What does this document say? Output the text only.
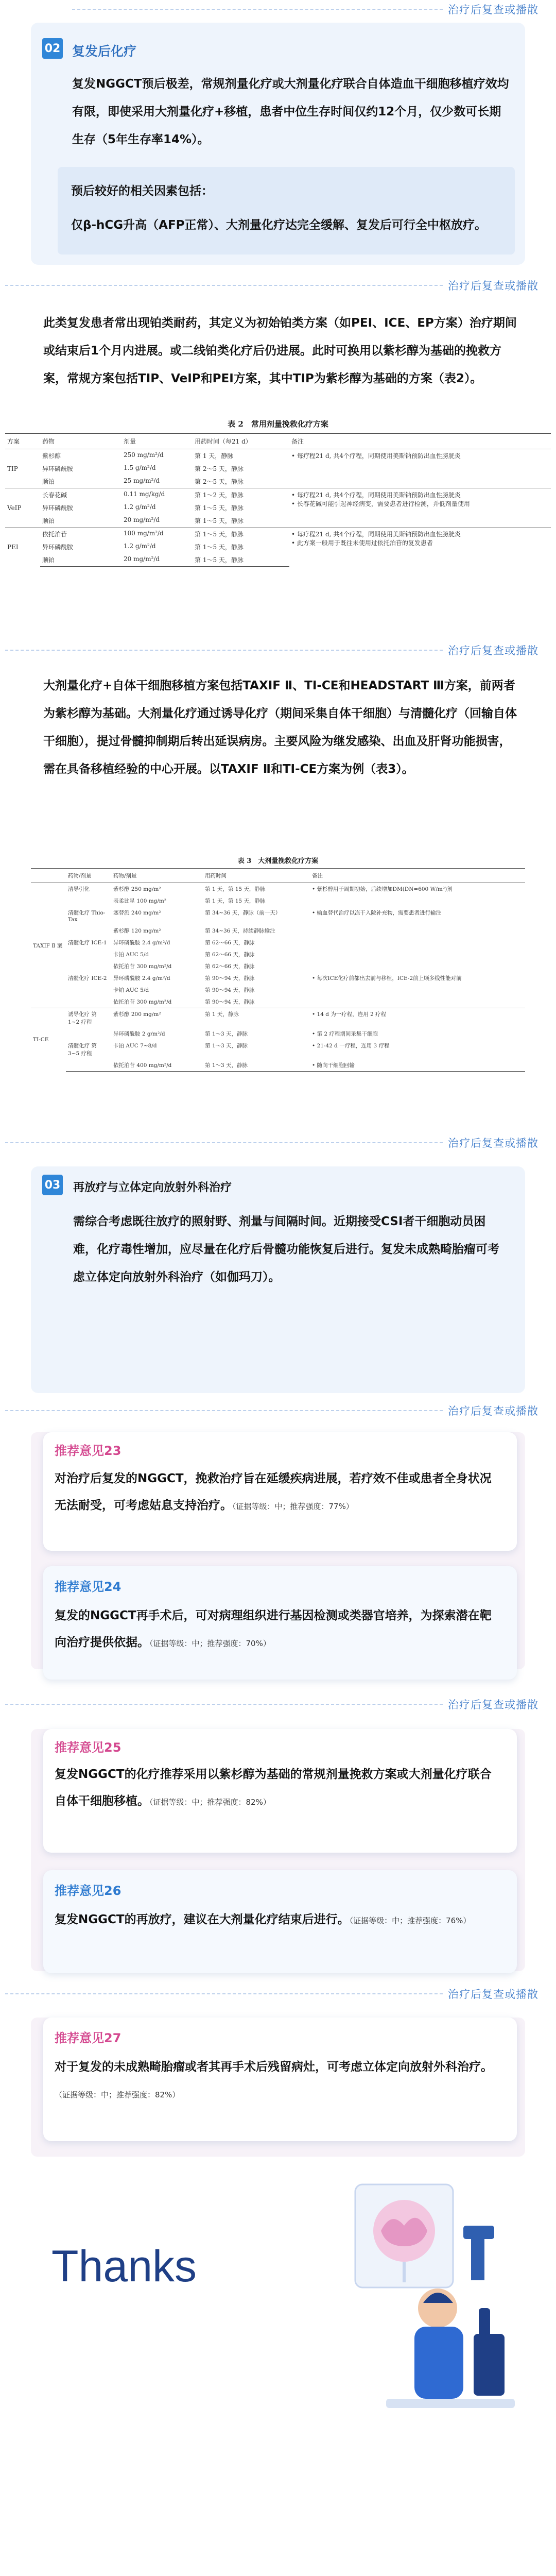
治疗后复查或播散
02 复发后化疗
复发NGGCT预后极差，常规剂量化疗或大剂量化疗联合自体造血干细胞移植疗效均有限，即使采用大剂量化疗+移植，患者中位生存时间仅约12个月，仅少数可长期生存（5年生存率14%）。
预后较好的相关因素包括：
仅β-hCG升高（AFP正常）、大剂量化疗达完全缓解、复发后可行全中枢放疗。
治疗后复查或播散
此类复发患者常出现铂类耐药，其定义为初始铂类方案（如PEI、ICE、EP方案）治疗期间或结束后1个月内进展。或二线铂类化疗后仍进展。此时可换用以紫杉醇为基础的挽救方案，常规方案包括TIP、VeIP和PEI方案，其中TIP为紫杉醇为基础的方案（表2）。
表 2　常用剂量挽救化疗方案
方案	药物	剂量	用药时间（每21 d）	备注
TIP	紫杉醇	250 mg/m²/d	第 1 天，静脉	• 每疗程21 d, 共4个疗程，同期使用美斯钠预防出血性膀胱炎
	异环磷酰胺	1.5 g/m²/d	第 2～5 天，静脉	
	顺铂	25 mg/m²/d	第 2～5 天，静脉	
VeIP	长春花碱	0.11 mg/kg/d	第 1～2 天，静脉	• 每疗程21 d, 共4个疗程，同期使用美斯钠预防出血性膀胱炎
• 长春花碱可能引起神经病变，需要患者进行检测，并低剂量使用
	异环磷酰胺	1.2 g/m²/d	第 1～5 天，静脉	
	顺铂	20 mg/m²/d	第 1～5 天，静脉	
PEI	依托泊苷	100 mg/m²/d	第 1～5 天，静脉	• 每疗程21 d, 共4个疗程，同期使用美斯钠预防出血性膀胱炎
• 此方案一般用于既往未使用过依托泊苷的复发患者
	异环磷酰胺	1.2 g/m²/d	第 1～5 天，静脉	
	顺铂	20 mg/m²/d	第 1～5 天，静脉	
治疗后复查或播散
大剂量化疗+自体干细胞移植方案包括TAXIF Ⅱ、TI-CE和HEADSTART Ⅲ方案，前两者为紫杉醇为基础。大剂量化疗通过诱导化疗（期间采集自体干细胞）与清髓化疗（回输自体干细胞），提过骨髓抑制期后转出延误病房。主要风险为继发感染、出血及肝肾功能损害，需在具备移植经验的中心开展。以TAXIF Ⅱ和TI-CE方案为例（表3）。
表 3　大剂量挽救化疗方案
	药物/剂量	药物/剂量	用药时间	备注
TAXIF Ⅱ 案	清导引化	紫杉醇 250 mg/m²	第 1 天，第 15 天，静脉	• 紫杉醇用于周期初始，后续增加DM(DN=600 W/m²)剂
		表柔比星 100 mg/m²	第 1 天，第 15 天，静脉	
	清髓化疗 Thio-Tax	塞替派 240 mg/m²	第 34~36 天，静脉（前一天）	• 输血替代治疗以冻干入院补充物，需要患者进行输注
		紫杉醇 120 mg/m²	第 34~36 天，持续静脉输注	
	清髓化疗 ICE-1	异环磷酰胺 2.4 g/m²/d	第 62～66 天，静脉	
		卡铂 AUC 5/d	第 62～66 天，静脉	
		依托泊苷 300 mg/m²/d	第 62～66 天，静脉	
	清髓化疗 ICE-2	异环磷酰胺 2.4 g/m²/d	第 90～94 天，静脉	• 每次ICE化疗前都出去前与移植，ICE-2前上顾多线性能对前
		卡铂 AUC 5/d	第 90～94 天，静脉	
		依托泊苷 300 mg/m²/d	第 90～94 天，静脉	
TI-CE	诱导化疗 第 1~2 疗程	紫杉醇 200 mg/m²	第 1 天，静脉	• 14 d 为一疗程，连用 2 疗程
		异环磷酰胺 2 g/m²/d	第 1～3 天，静脉	• 第 2 疗程期间采集干细胞
	清髓化疗 第 3~5 疗程	卡铂 AUC 7~8/d	第 1～3 天，静脉	• 21-42 d 一疗程，连用 3 疗程
		依托泊苷 400 mg/m²/d	第 1～3 天，静脉	• 随向干细胞回输
治疗后复查或播散
03 再放疗与立体定向放射外科治疗
需综合考虑既往放疗的照射野、剂量与间隔时间。近期接受CSI者干细胞动员困难，化疗毒性增加，应尽量在化疗后骨髓功能恢复后进行。复发未成熟畸胎瘤可考虑立体定向放射外科治疗（如伽玛刀）。
治疗后复查或播散
推荐意见23
对治疗后复发的NGGCT，挽救治疗旨在延缓疾病进展，若疗效不佳或患者全身状况无法耐受，可考虑姑息支持治疗。（证据等级：中；推荐强度：77%）
推荐意见24
复发的NGGCT再手术后，可对病理组织进行基因检测或类器官培养，为探索潜在靶向治疗提供依据。（证据等级：中；推荐强度：70%）
治疗后复查或播散
推荐意见25
复发NGGCT的化疗推荐采用以紫杉醇为基础的常规剂量挽救方案或大剂量化疗联合自体干细胞移植。（证据等级：中；推荐强度：82%）
推荐意见26
复发NGGCT的再放疗，建议在大剂量化疗结束后进行。（证据等级：中；推荐强度：76%）
治疗后复查或播散
推荐意见27
对于复发的未成熟畸胎瘤或者其再手术后残留病灶，可考虑立体定向放射外科治疗。（证据等级：中；推荐强度：82%）
Thanks
